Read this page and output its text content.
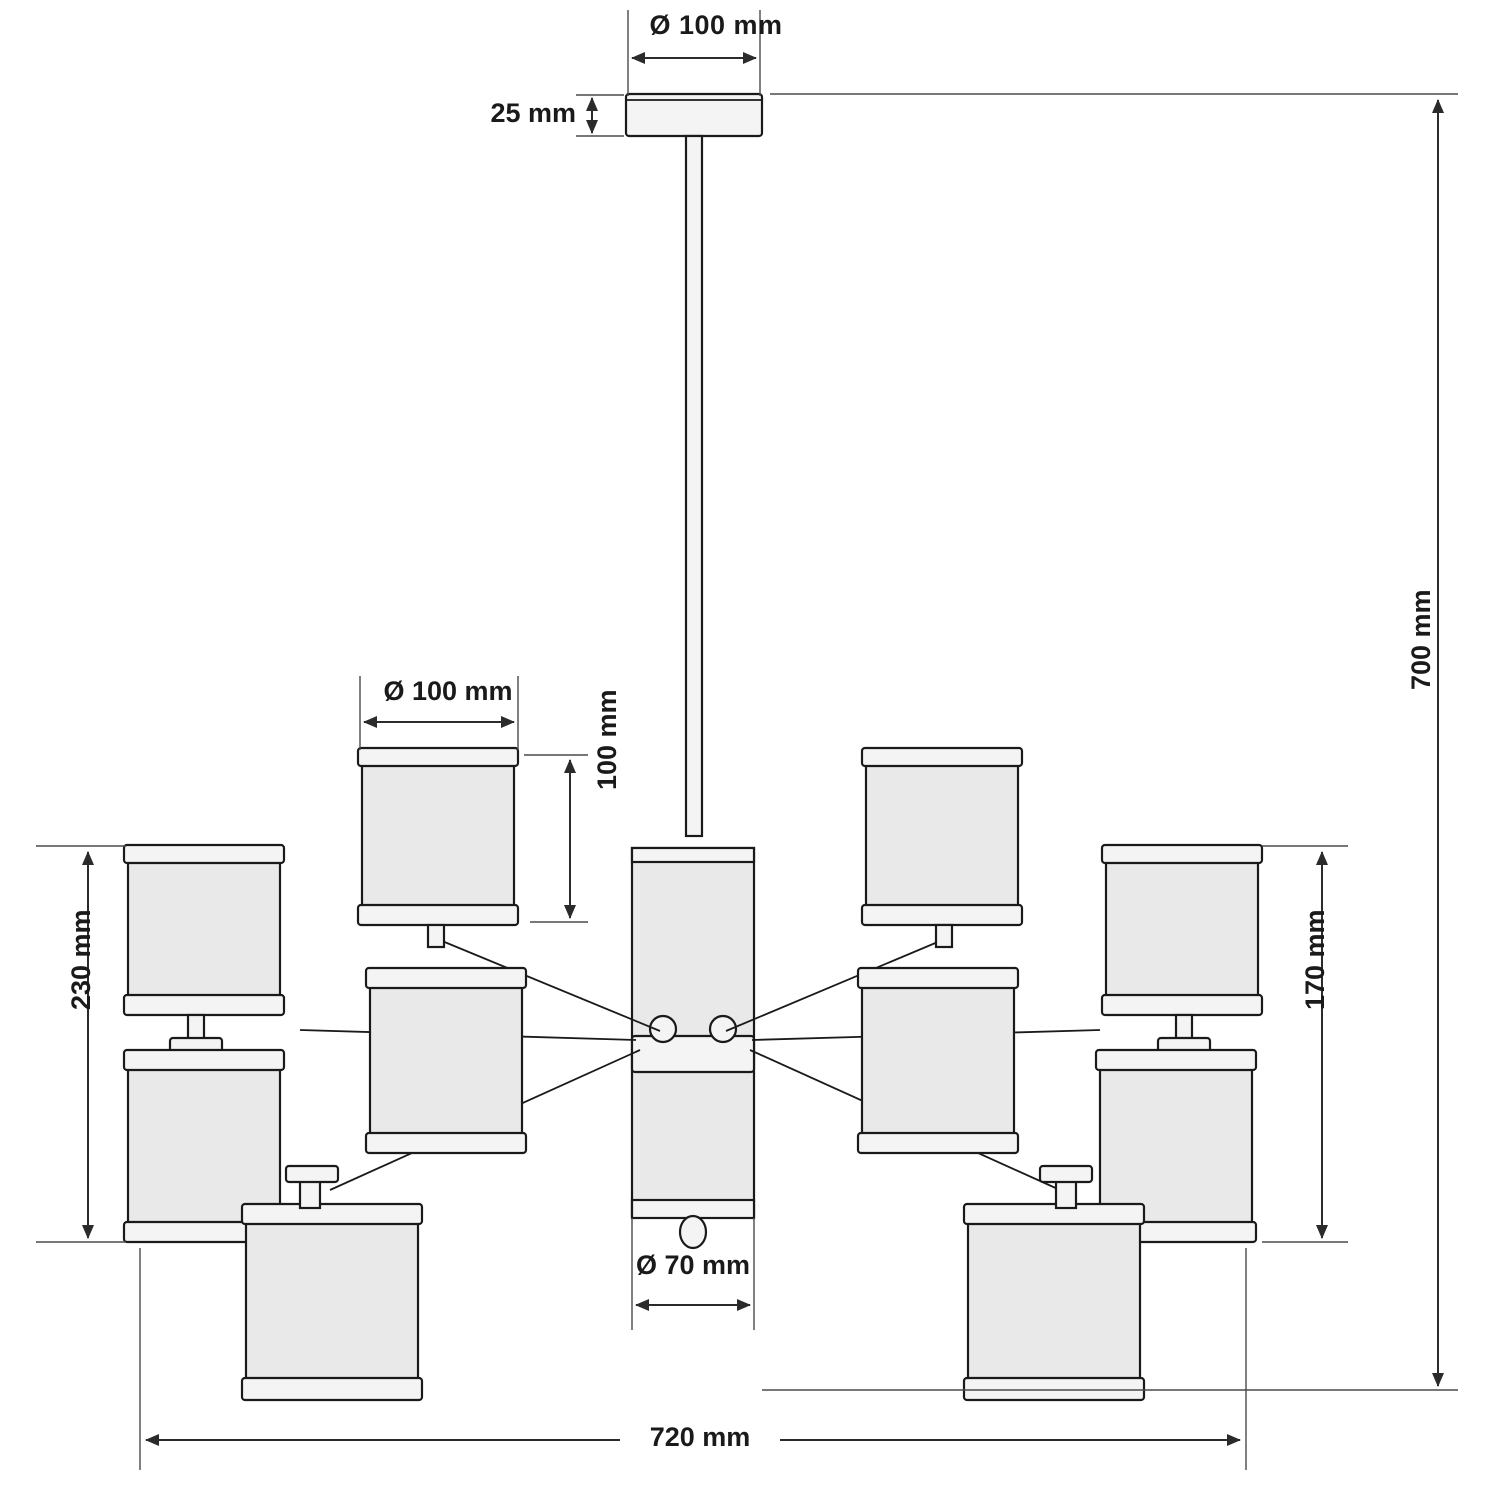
Ø 100 mm
25 mm
700 mm
Ø 100 mm	100 mm
230 mm	170 mm
Ø 70 mm
720 mm
